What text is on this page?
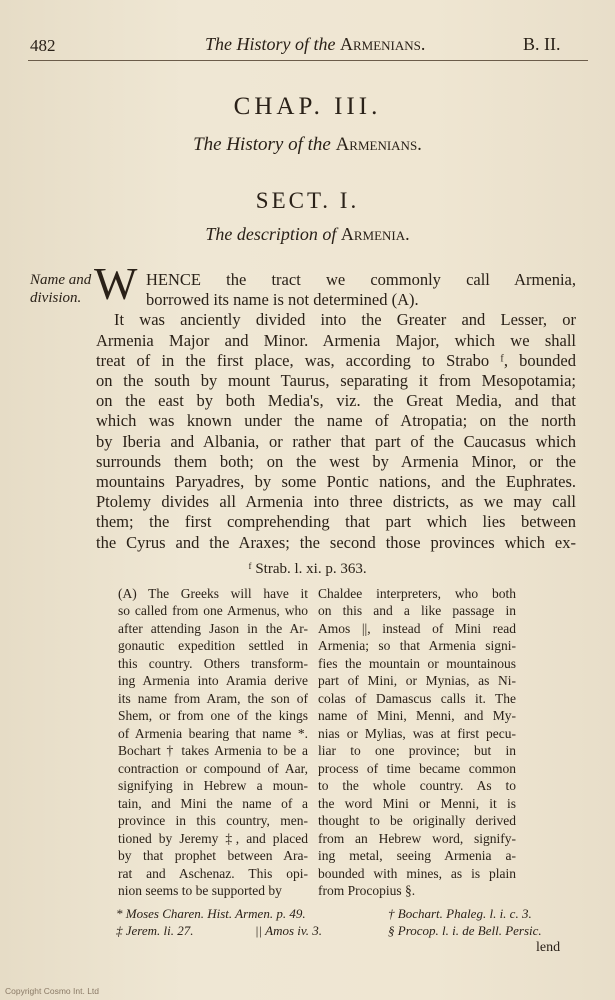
482	The History of the Armenians.	B. II.
CHAP. III.
The History of the Armenians.
SECT. I.
The description of Armenia.
Name and
division. W HENCE the tract we commonly call Armenia,
borrowed its name is not determined (A).
It was anciently divided into the Greater and Lesser, or
Armenia Major and Minor. Armenia Major, which we shall
treat of in the first place, was, according to Strabo ᶠ, bounded
on the south by mount Taurus, separating it from Mesopotamia;
on the east by both Media's, viz. the Great Media, and that
which was known under the name of Atropatia; on the north
by Iberia and Albania, or rather that part of the Caucasus which
surrounds them both; on the west by Armenia Minor, or the
mountains Paryadres, by some Pontic nations, and the Euphrates.
Ptolemy divides all Armenia into three districts, as we may call
them; the first comprehending that part which lies between
the Cyrus and the Araxes; the second those provinces which ex-
ᶠ Strab. l. xi. p. 363.
(A) The Greeks will have it
so called from one Armenus, who
after attending Jason in the Ar-
gonautic expedition settled in
this country. Others transform-
ing Armenia into Aramia derive
its name from Aram, the son of
Shem, or from one of the kings
of Armenia bearing that name *.
Bochart † takes Armenia to be a
contraction or compound of Aar,
signifying in Hebrew a moun-
tain, and Mini the name of a
province in this country, men-
tioned by Jeremy ‡, and placed
by that prophet between Ara-
rat and Aschenaz. This opi-
nion seems to be supported by
Chaldee interpreters, who both
on this and a like passage in
Amos ||, instead of Mini read
Armenia; so that Armenia signi-
fies the mountain or mountainous
part of Mini, or Mynias, as Ni-
colas of Damascus calls it. The
name of Mini, Menni, and My-
nias or Mylias, was at first pecu-
liar to one province; but in
process of time became common
to the whole country. As to
the word Mini or Menni, it is
thought to be originally derived
from an Hebrew word, signify-
ing metal, seeing Armenia a-
bounded with mines, as is plain
from Procopius §.
* Moses Charen. Hist. Armen. p. 49.	† Bochart. Phaleg. l. i. c. 3.
Copyright Cosmo Int. Ltd
‡ Jerem. li. 27.	|| Amos iv. 3.	§ Procop. l. i. de Bell. Persic.
lend
